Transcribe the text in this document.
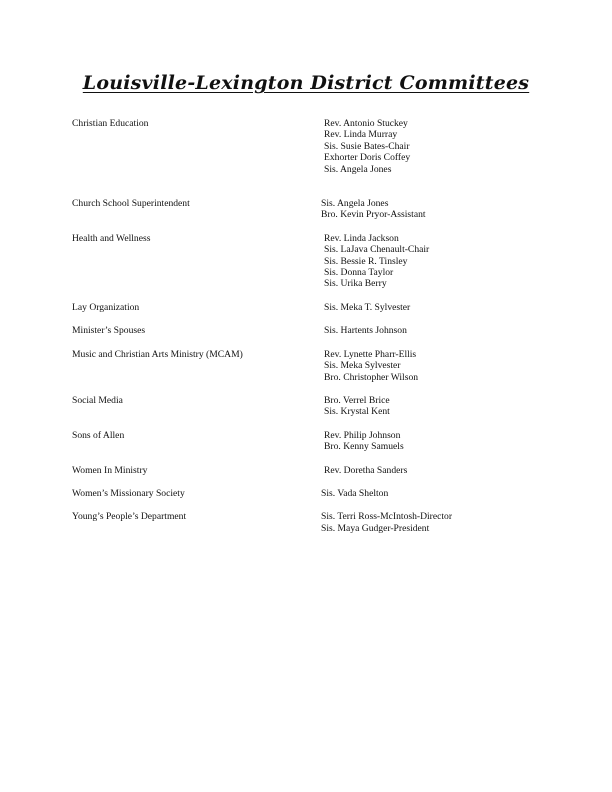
Louisville-Lexington District Committees
Christian Education	Rev. Antonio Stuckey
Rev. Linda Murray
Sis. Susie Bates-Chair
Exhorter Doris Coffey
Sis. Angela Jones
Church School Superintendent	Sis. Angela Jones
Bro. Kevin Pryor-Assistant
Health and Wellness	Rev. Linda Jackson
Sis. LaJava Chenault-Chair
Sis. Bessie R. Tinsley
Sis. Donna Taylor
Sis. Urika Berry
Lay Organization	Sis. Meka T. Sylvester
Minister’s Spouses	Sis. Hartents Johnson
Music and Christian Arts Ministry (MCAM)	Rev. Lynette Pharr-Ellis
Sis. Meka Sylvester
Bro. Christopher Wilson
Social Media	Bro. Verrel Brice
Sis. Krystal Kent
Sons of Allen	Rev. Philip Johnson
Bro. Kenny Samuels
Women In Ministry	Rev. Doretha Sanders
Women’s Missionary Society	Sis. Vada Shelton
Young’s People’s Department	Sis. Terri Ross-McIntosh-Director
Sis. Maya Gudger-President
